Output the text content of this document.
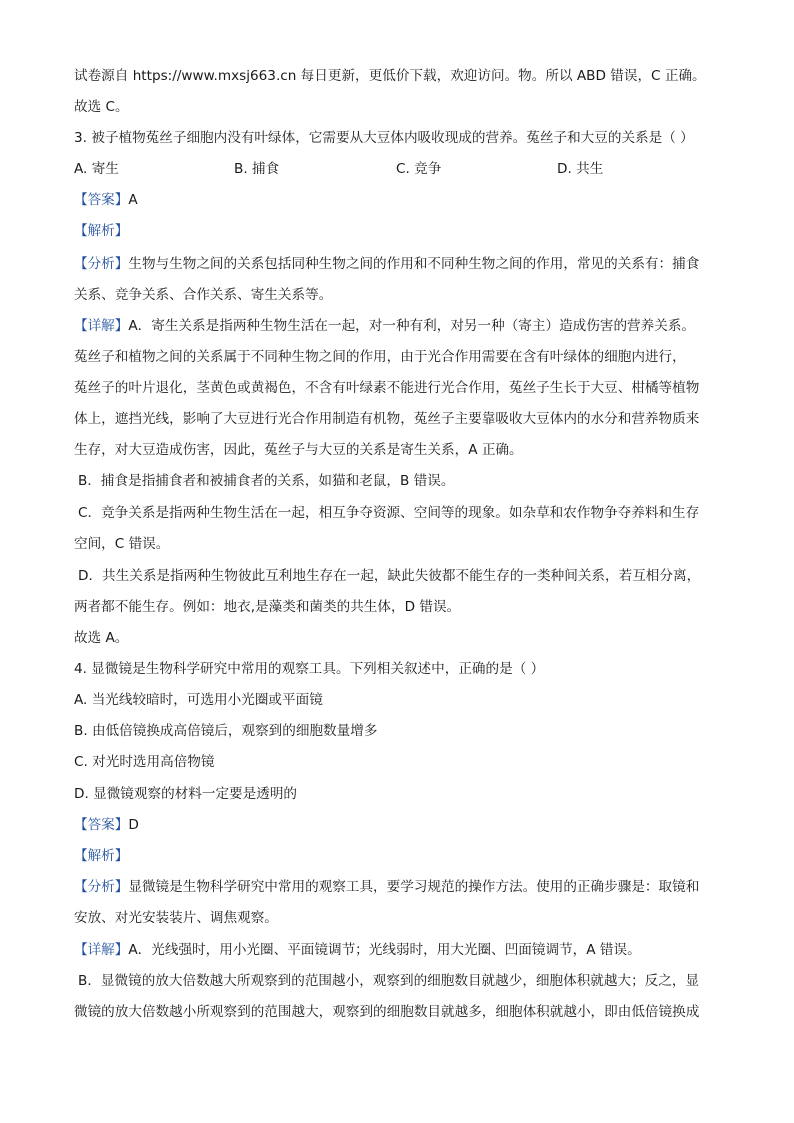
试卷源自 https://www.mxsj663.cn 每日更新，更低价下载，欢迎访问。物。所以 ABD 错误，C 正确。
故选 C。
3. 被子植物菟丝子细胞内没有叶绿体，它需要从大豆体内吸收现成的营养。菟丝子和大豆的关系是（ ）
A. 寄生	B. 捕食	C. 竞争	D. 共生
【答案】A
【解析】
【分析】生物与生物之间的关系包括同种生物之间的作用和不同种生物之间的作用，常见的关系有：捕食
关系、竞争关系、合作关系、寄生关系等。
【详解】A．寄生关系是指两种生物生活在一起，对一种有利，对另一种（寄主）造成伤害的营养关系。
菟丝子和植物之间的关系属于不同种生物之间的作用，由于光合作用需要在含有叶绿体的细胞内进行，
菟丝子的叶片退化，茎黄色或黄褐色，不含有叶绿素不能进行光合作用，菟丝子生长于大豆、柑橘等植物
体上，遮挡光线，影响了大豆进行光合作用制造有机物，菟丝子主要靠吸收大豆体内的水分和营养物质来
生存，对大豆造成伤害，因此，菟丝子与大豆的关系是寄生关系，A 正确。
B．捕食是指捕食者和被捕食者的关系，如猫和老鼠，B 错误。
C．竞争关系是指两种生物生活在一起，相互争夺资源、空间等的现象。如杂草和农作物争夺养料和生存
空间，C 错误。
D．共生关系是指两种生物彼此互利地生存在一起，缺此失彼都不能生存的一类种间关系，若互相分离，
两者都不能生存。例如：地衣,是藻类和菌类的共生体，D 错误。
故选 A。
4. 显微镜是生物科学研究中常用的观察工具。下列相关叙述中，正确的是（ ）
A. 当光线较暗时，可选用小光圈或平面镜
B. 由低倍镜换成高倍镜后，观察到的细胞数量增多
C. 对光时选用高倍物镜
D. 显微镜观察的材料一定要是透明的
【答案】D
【解析】
【分析】显微镜是生物科学研究中常用的观察工具，要学习规范的操作方法。使用的正确步骤是：取镜和
安放、对光安装装片、调焦观察。
【详解】A．光线强时，用小光圈、平面镜调节；光线弱时，用大光圈、凹面镜调节，A 错误。
B．显微镜的放大倍数越大所观察到的范围越小，观察到的细胞数目就越少，细胞体积就越大；反之，显
微镜的放大倍数越小所观察到的范围越大，观察到的细胞数目就越多，细胞体积就越小，即由低倍镜换成
